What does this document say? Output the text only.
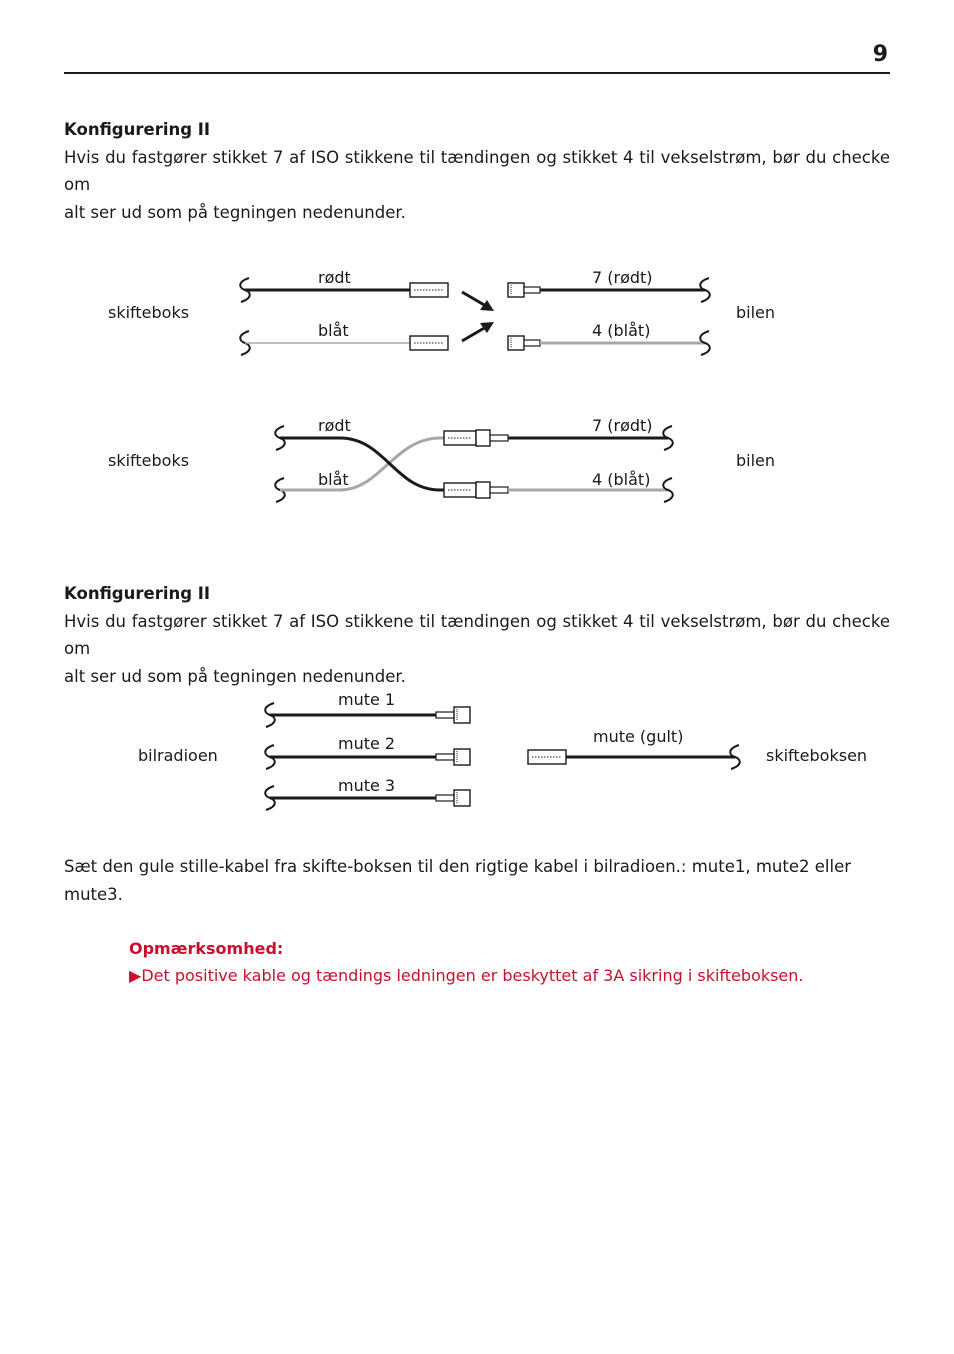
9
Konfigurering II

Hvis du fastgører stikket 7 af ISO stikkene til tændingen og stikket 4 til vekselstrøm, bør du checke om
alt ser ud som på tegningen nedenunder.

skifteboks	bilen
rødt
blåt
7 (rødt)
4 (blåt)
skifteboks	bilen
rødt
blåt
7 (rødt)
4 (blåt)
Konfigurering II

Hvis du fastgører stikket 7 af ISO stikkene til tændingen og stikket 4 til vekselstrøm, bør du checke om
alt ser ud som på tegningen nedenunder.

bilradioen	skifteboksen
mute 1
mute 2
mute 3
mute (gult)

Sæt den gule stille-kabel fra skifte-boksen til den rigtige kabel i bilradioen.: mute1, mute2 eller
mute3.

Opmærksomhed:
▶Det positive kable og tændings ledningen er beskyttet af 3A sikring i skifteboksen.
